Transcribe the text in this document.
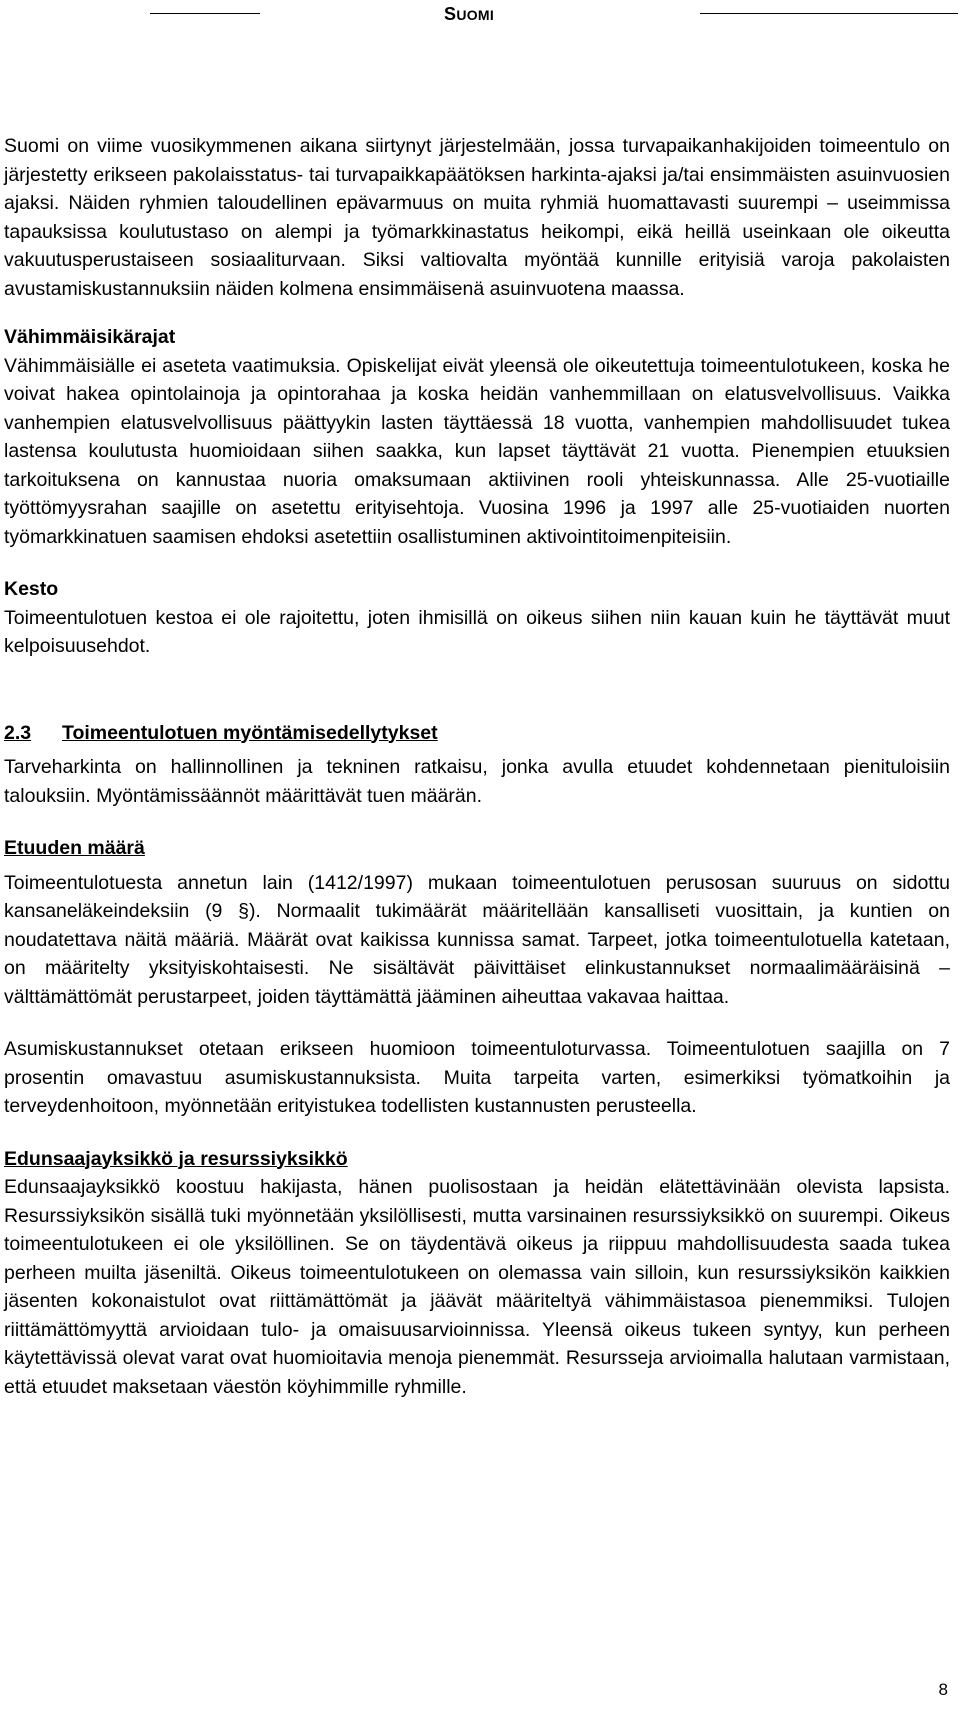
SUOMI

Suomi on viime vuosikymmenen aikana siirtynyt järjestelmään, jossa turvapaikanhakijoiden toimeentulo on järjestetty erikseen pakolaisstatus- tai turvapaikkapäätöksen harkinta-ajaksi ja/tai ensimmäisten asuinvuosien ajaksi. Näiden ryhmien taloudellinen epävarmuus on muita ryhmiä huomattavasti suurempi – useimmissa tapauksissa koulutustaso on alempi ja työmarkkinastatus heikompi, eikä heillä useinkaan ole oikeutta vakuutusperustaiseen sosiaaliturvaan. Siksi valtiovalta myöntää kunnille erityisiä varoja pakolaisten avustamiskustannuksiin näiden kolmena ensimmäisenä asuinvuotena maassa.

Vähimmäisikärajat

Vähimmäisiälle ei aseteta vaatimuksia. Opiskelijat eivät yleensä ole oikeutettuja toimeentulotukeen, koska he voivat hakea opintolainoja ja opintorahaa ja koska heidän vanhemmillaan on elatusvelvollisuus. Vaikka vanhempien elatusvelvollisuus päättyykin lasten täyttäessä 18 vuotta, vanhempien mahdollisuudet tukea lastensa koulutusta huomioidaan siihen saakka, kun lapset täyttävät 21 vuotta. Pienempien etuuksien tarkoituksena on kannustaa nuoria omaksumaan aktiivinen rooli yhteiskunnassa. Alle 25-vuotiaille työttömyysrahan saajille on asetettu erityisehtoja. Vuosina 1996 ja 1997 alle 25-vuotiaiden nuorten työmarkkinatuen saamisen ehdoksi asetettiin osallistuminen aktivointitoimenpiteisiin.

Kesto

Toimeentulotuen kestoa ei ole rajoitettu, joten ihmisillä on oikeus siihen niin kauan kuin he täyttävät muut kelpoisuusehdot.

2.3 Toimeentulotuen myöntämisedellytykset

Tarveharkinta on hallinnollinen ja tekninen ratkaisu, jonka avulla etuudet kohdennetaan pienituloisiin talouksiin. Myöntämissäännöt määrittävät tuen määrän.

Etuuden määrä

Toimeentulotuesta annetun lain (1412/1997) mukaan toimeentulotuen perusosan suuruus on sidottu kansaneläkeindeksiin (9 §). Normaalit tukimäärät määritellään kansalliseti vuosittain, ja kuntien on noudatettava näitä määriä. Määrät ovat kaikissa kunnissa samat. Tarpeet, jotka toimeentulotuella katetaan, on määritelty yksityiskohtaisesti. Ne sisältävät päivittäiset elinkustannukset normaalimääräisinä – välttämättömät perustarpeet, joiden täyttämättä jääminen aiheuttaa vakavaa haittaa.

Asumiskustannukset otetaan erikseen huomioon toimeentuloturvassa. Toimeentulotuen saajilla on 7 prosentin omavastuu asumiskustannuksista. Muita tarpeita varten, esimerkiksi työmatkoihin ja terveydenhoitoon, myönnetään erityistukea todellisten kustannusten perusteella.

Edunsaajayksikkö ja resurssiyksikkö

Edunsaajayksikkö koostuu hakijasta, hänen puolisostaan ja heidän elätettävinään olevista lapsista. Resurssiyksikön sisällä tuki myönnetään yksilöllisesti, mutta varsinainen resurssiyksikkö on suurempi. Oikeus toimeentulotukeen ei ole yksilöllinen. Se on täydentävä oikeus ja riippuu mahdollisuudesta saada tukea perheen muilta jäseniltä. Oikeus toimeentulotukeen on olemassa vain silloin, kun resurssiyksikön kaikkien jäsenten kokonaistulot ovat riittämättömät ja jäävät määriteltyä vähimmäistasoa pienemmiksi. Tulojen riittämättömyyttä arvioidaan tulo- ja omaisuusarvioinnissa. Yleensä oikeus tukeen syntyy, kun perheen käytettävissä olevat varat ovat huomioitavia menoja pienemmät. Resursseja arvioimalla halutaan varmistaan, että etuudet maksetaan väestön köyhimmille ryhmille.

8
